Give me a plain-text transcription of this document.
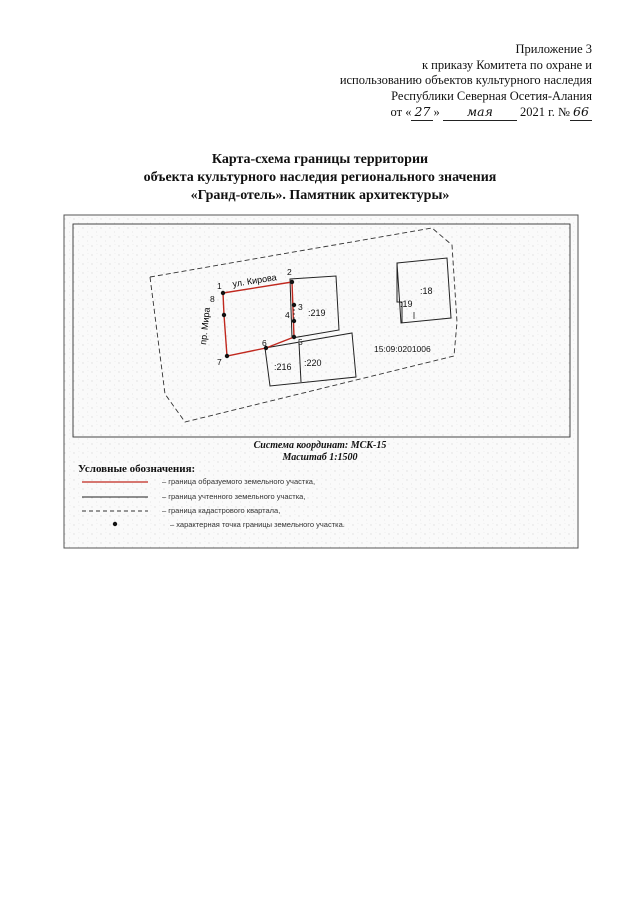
Приложение 3
к приказу Комитета по охране и
использованию объектов культурного наследия
Республики Северная Осетия-Алания
от « 27 » мая 2021 г. № 66
Карта-схема границы территории
объекта культурного наследия регионального значения
«Гранд-отель». Памятник архитектуры»
ул. Кирова
пр. Мира
1
2
3
4
5
6
7
8
:219
:216 :220
:19
:18
15:09:0201006
Система координат: МСК-15
Масштаб 1:1500
Условные обозначения:
– граница образуемого земельного участка,
– граница учтенного земельного участка,
– граница кадастрового квартала,
– характерная точка границы земельного участка.
